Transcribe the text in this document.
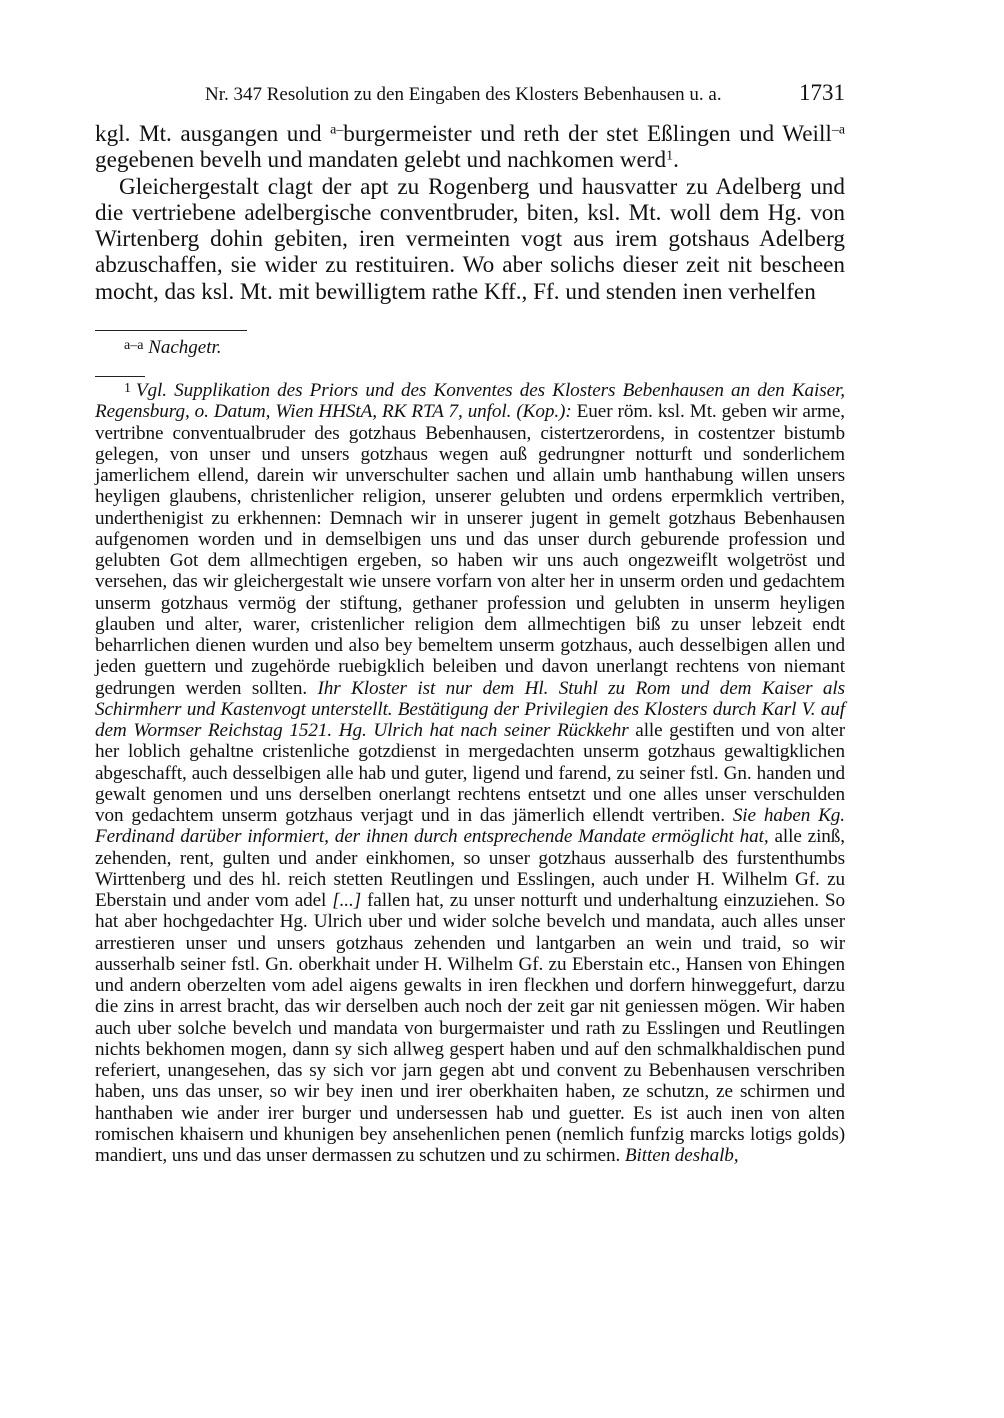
Nr. 347 Resolution zu den Eingaben des Klosters Bebenhausen u. a.	1731

kgl. Mt. ausgangen und $^{a-}$burgermeister und reth der stet Eßlingen und Weill$^{-a}$ gegebenen bevelh und mandaten gelebt und nachkomen werd$^1$.

Gleichergestalt clagt der apt zu Rogenberg und hausvatter zu Adelberg und die vertriebene adelbergische conventbruder, biten, ksl. Mt. woll dem Hg. von Wirtenberg dohin gebiten, iren vermeinten vogt aus irem gotshaus Adelberg abzuschaffen, sie wider zu restituiren. Wo aber solichs dieser zeit nit bescheen mocht, das ksl. Mt. mit bewilligtem rathe Kff., Ff. und stenden inen verhelfen

a–a Nachgetr.
$^1$ Vgl. Supplikation des Priors und des Konventes des Klosters Bebenhausen an den Kaiser, Regensburg, o. Datum, Wien HHStA, RK RTA 7, unfol. (Kop.): Euer röm. ksl. Mt. geben wir arme, vertribne conventualbruder des gotzhaus Bebenhausen, cistertzerordens, in costentzer bistumb gelegen, von unser und unsers gotzhaus wegen auß gedrungner notturft und sonderlichem jamerlichem ellend, darein wir unverschulter sachen und allain umb hanthabung willen unsers heyligen glaubens, christenlicher religion, unserer gelubten und ordens erpermklich vertriben, underthenigist zu erkhennen: Demnach wir in unserer jugent in gemelt gotzhaus Bebenhausen aufgenomen worden und in demselbigen uns und das unser durch geburende profession und gelubten Got dem allmechtigen ergeben, so haben wir uns auch ongezweiflt wolgetröst und versehen, das wir gleichergestalt wie unsere vorfarn von alter her in unserm orden und gedachtem unserm gotzhaus vermög der stiftung, gethaner profession und gelubten in unserm heyligen glauben und alter, warer, cristenlicher religion dem allmechtigen biß zu unser lebzeit endt beharrlichen dienen wurden und also bey bemeltem unserm gotzhaus, auch desselbigen allen und jeden guettern und zugehörde ruebigklich beleiben und davon unerlangt rechtens von niemant gedrungen werden sollten. Ihr Kloster ist nur dem Hl. Stuhl zu Rom und dem Kaiser als Schirmherr und Kastenvogt unterstellt. Bestätigung der Privilegien des Klosters durch Karl V. auf dem Wormser Reichstag 1521. Hg. Ulrich hat nach seiner Rückkehr alle gestiften und von alter her loblich gehaltne cristenliche gotzdienst in mergedachten unserm gotzhaus gewaltigklichen abgeschafft, auch desselbigen alle hab und guter, ligend und farend, zu seiner fstl. Gn. handen und gewalt genomen und uns derselben onerlangt rechtens entsetzt und one alles unser verschulden von gedachtem unserm gotzhaus verjagt und in das jämerlich ellendt vertriben. Sie haben Kg. Ferdinand darüber informiert, der ihnen durch entsprechende Mandate ermöglicht hat, alle zinß, zehenden, rent, gulten und ander einkhomen, so unser gotzhaus ausserhalb des furstenthumbs Wirttenberg und des hl. reich stetten Reutlingen und Esslingen, auch under H. Wilhelm Gf. zu Eberstain und ander vom adel [...] fallen hat, zu unser notturft und underhaltung einzuziehen. So hat aber hochgedachter Hg. Ulrich uber und wider solche bevelch und mandata, auch alles unser arrestieren unser und unsers gotzhaus zehenden und lantgarben an wein und traid, so wir ausserhalb seiner fstl. Gn. oberkhait under H. Wilhelm Gf. zu Eberstain etc., Hansen von Ehingen und andern oberzelten vom adel aigens gewalts in iren fleckhen und dorfern hinweggefurt, darzu die zins in arrest bracht, das wir derselben auch noch der zeit gar nit geniessen mögen. Wir haben auch uber solche bevelch und mandata von burgermaister und rath zu Esslingen und Reutlingen nichts bekhomen mogen, dann sy sich allweg gespert haben und auf den schmalkhaldischen pund referiert, unangesehen, das sy sich vor jarn gegen abt und convent zu Bebenhausen verschriben haben, uns das unser, so wir bey inen und irer oberkhaiten haben, ze schutzn, ze schirmen und hanthaben wie ander irer burger und undersessen hab und guetter. Es ist auch inen von alten romischen khaisern und khunigen bey ansehenlichen penen (nemlich funfzig marcks lotigs golds) mandiert, uns und das unser dermassen zu schutzen und zu schirmen. Bitten deshalb,
